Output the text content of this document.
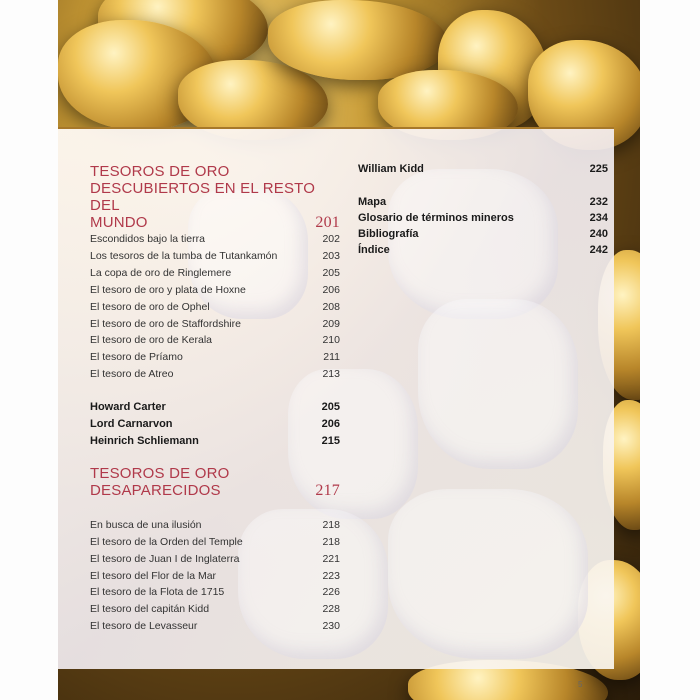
TESOROS DE ORO
DESCUBIERTOS EN EL RESTO DEL
MUNDO	201
Escondidos bajo la tierra	202
Los tesoros de la tumba de Tutankamón	203
La copa de oro de Ringlemere	205
El tesoro de oro y plata de Hoxne	206
El tesoro de oro de Ophel	208
El tesoro de oro de Staffordshire	209
El tesoro de oro de Kerala	210
El tesoro de Príamo	211
El tesoro de Atreo	213
Howard Carter	205
Lord Carnarvon	206
Heinrich Schliemann	215
TESOROS DE ORO
DESAPARECIDOS	217
En busca de una ilusión	218
El tesoro de la Orden del Temple	218
El tesoro de Juan I de Inglaterra	221
El tesoro del Flor de la Mar	223
El tesoro de la Flota de 1715	226
El tesoro del capitán Kidd	228
El tesoro de Levasseur	230
William Kidd	225
Mapa	232
Glosario de términos mineros	234
Bibliografía	240
Índice	242
5
